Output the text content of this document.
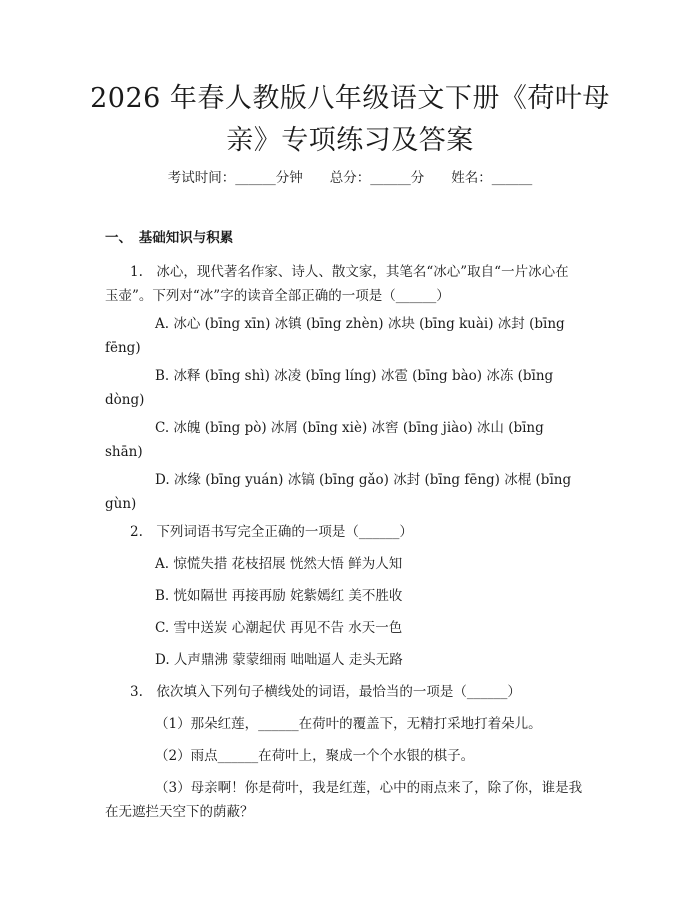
2026 年春人教版八年级语文下册《荷叶母
亲》专项练习及答案
考试时间：______分钟　　总分：______分　　姓名：______
一、　基础知识与积累
1.　冰心，现代著名作家、诗人、散文家，其笔名“冰心”取自“一片冰心在
玉壶”。下列对“冰”字的读音全部正确的一项是（______）
A. 冰心 (bīng xīn) 冰镇 (bīng zhèn) 冰块 (bīng kuài) 冰封 (bīng
fēng)
B. 冰释 (bīng shì) 冰凌 (bīng líng) 冰雹 (bīng bào) 冰冻 (bīng
dòng)
C. 冰魄 (bīng pò) 冰屑 (bīng xiè) 冰窖 (bīng jiào) 冰山 (bīng
shān)
D. 冰缘 (bīng yuán) 冰镐 (bīng gǎo) 冰封 (bīng fēng) 冰棍 (bīng
gùn)
2.　下列词语书写完全正确的一项是（______）
A. 惊慌失措 花枝招展 恍然大悟 鲜为人知
B. 恍如隔世 再接再励 姹紫嫣红 美不胜收
C. 雪中送炭 心潮起伏 再见不告 水天一色
D. 人声鼎沸 蒙蒙细雨 咄咄逼人 走头无路
3.　依次填入下列句子横线处的词语，最恰当的一项是（______）
（1）那朵红莲，______在荷叶的覆盖下，无精打采地打着朵儿。
（2）雨点______在荷叶上，聚成一个个水银的棋子。
（3）母亲啊！你是荷叶，我是红莲，心中的雨点来了，除了你，谁是我
在无遮拦天空下的荫蔽？
